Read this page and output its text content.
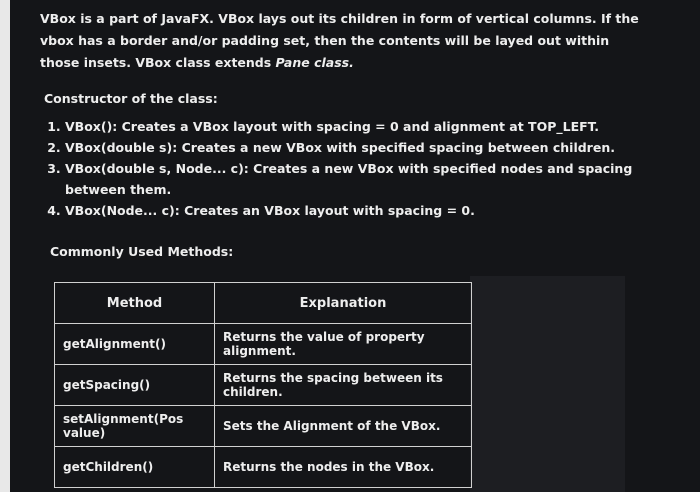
VBox is a part of JavaFX. VBox lays out its children in form of vertical columns. If the vbox has a border and/or padding set, then the contents will be layed out within those insets. VBox class extends Pane class.

Constructor of the class:
1. VBox(): Creates a VBox layout with spacing = 0 and alignment at TOP_LEFT.
2. VBox(double s): Creates a new VBox with specified spacing between children.
3. VBox(double s, Node... c): Creates a new VBox with specified nodes and spacing between them.
4. VBox(Node... c): Creates an VBox layout with spacing = 0.
Commonly Used Methods:
Method	Explanation
getAlignment()	Returns the value of property alignment.
getSpacing()	Returns the spacing between its children.
setAlignment(Pos value)	Sets the Alignment of the VBox.
getChildren()	Returns the nodes in the VBox.
